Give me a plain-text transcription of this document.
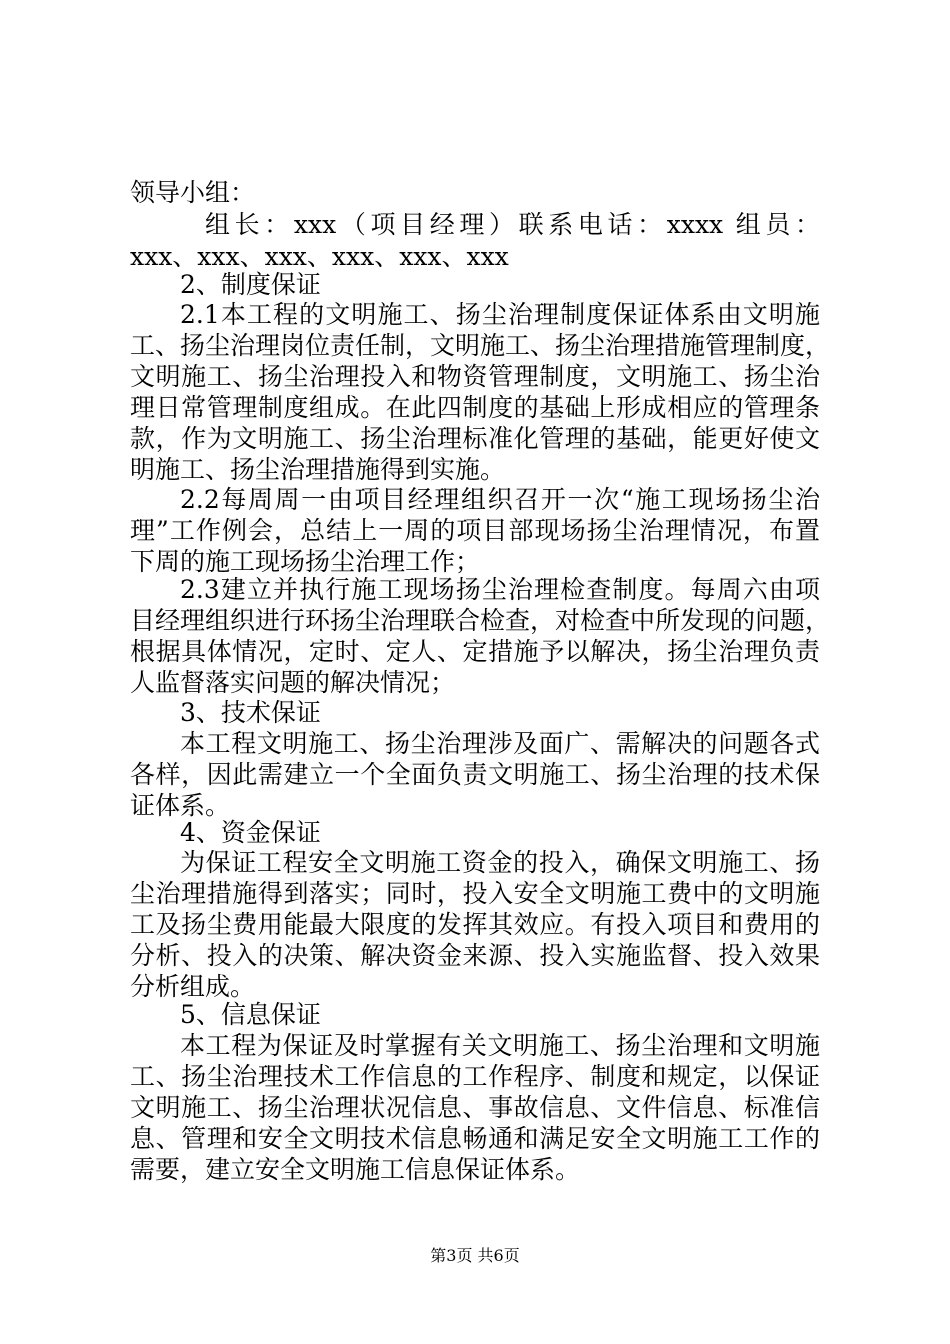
领导小组：
组长：xxx（项目经理）联系电话：xxxx 组员：
xxx、xxx、xxx、xxx、xxx、xxx
2、制度保证
2.1本工程的文明施工、扬尘治理制度保证体系由文明施
工、扬尘治理岗位责任制，文明施工、扬尘治理措施管理制度，
文明施工、扬尘治理投入和物资管理制度，文明施工、扬尘治
理日常管理制度组成。在此四制度的基础上形成相应的管理条
款，作为文明施工、扬尘治理标准化管理的基础，能更好使文
明施工、扬尘治理措施得到实施。
2.2每周周一由项目经理组织召开一次“施工现场扬尘治
理”工作例会，总结上一周的项目部现场扬尘治理情况，布置
下周的施工现场扬尘治理工作；
2.3建立并执行施工现场扬尘治理检查制度。每周六由项
目经理组织进行环扬尘治理联合检查，对检查中所发现的问题，
根据具体情况，定时、定人、定措施予以解决，扬尘治理负责
人监督落实问题的解决情况；
3、技术保证
本工程文明施工、扬尘治理涉及面广、需解决的问题各式
各样，因此需建立一个全面负责文明施工、扬尘治理的技术保
证体系。
4、资金保证
为保证工程安全文明施工资金的投入，确保文明施工、扬
尘治理措施得到落实；同时，投入安全文明施工费中的文明施
工及扬尘费用能最大限度的发挥其效应。有投入项目和费用的
分析、投入的决策、解决资金来源、投入实施监督、投入效果
分析组成。
5、信息保证
本工程为保证及时掌握有关文明施工、扬尘治理和文明施
工、扬尘治理技术工作信息的工作程序、制度和规定，以保证
文明施工、扬尘治理状况信息、事故信息、文件信息、标准信
息、管理和安全文明技术信息畅通和满足安全文明施工工作的
需要，建立安全文明施工信息保证体系。
第3页 共6页
